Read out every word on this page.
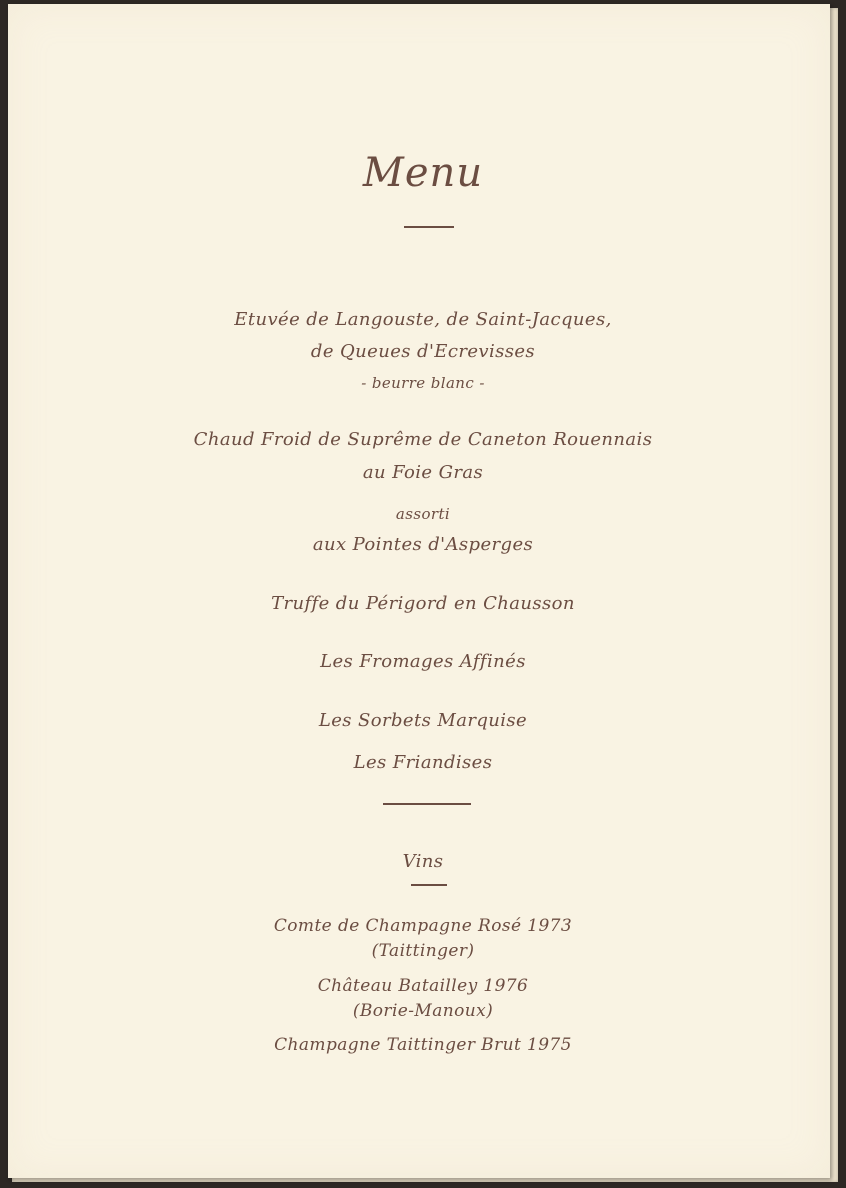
Menu
Etuvée de Langouste, de Saint-Jacques,
de Queues d'Ecrevisses
- beurre blanc -
Chaud Froid de Suprême de Caneton Rouennais
au Foie Gras
assorti
aux Pointes d'Asperges
Truffe du Périgord en Chausson
Les Fromages Affinés
Les Sorbets Marquise
Les Friandises
Vins
Comte de Champagne Rosé 1973
(Taittinger)
Château Batailley 1976
(Borie-Manoux)
Champagne Taittinger Brut 1975
